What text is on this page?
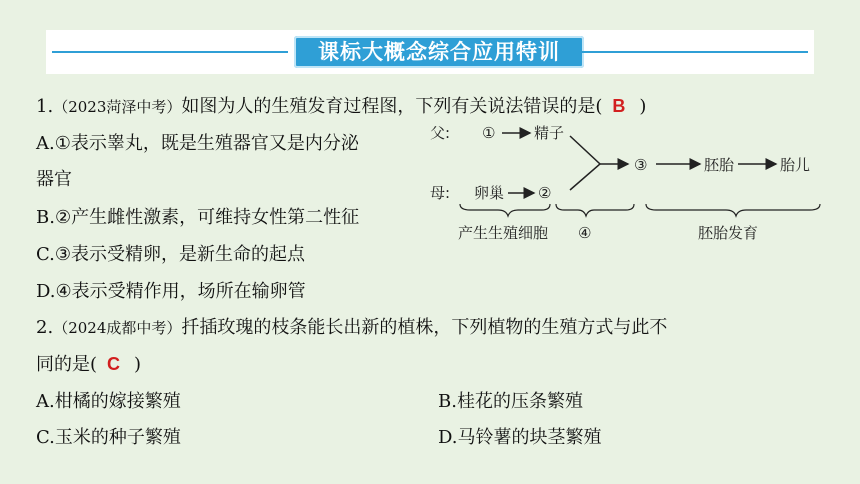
课标大概念综合应用特训
1.（2023菏泽中考）如图为人的生殖发育过程图，下列有关说法错误的是( B )
A.①表示睾丸，既是生殖器官又是内分泌
器官
B.②产生雌性激素，可维持女性第二性征
C.③表示受精卵，是新生命的起点
D.④表示受精作用，场所在输卵管
父: ①	精子
母: 卵巢 ②
③	胚胎	胎儿
产生生殖细胞 ④	胚胎发育
2.（2024成都中考）扦插玫瑰的枝条能长出新的植株，下列植物的生殖方式与此不
同的是( C )
A.柑橘的嫁接繁殖	B.桂花的压条繁殖
C.玉米的种子繁殖	D.马铃薯的块茎繁殖
